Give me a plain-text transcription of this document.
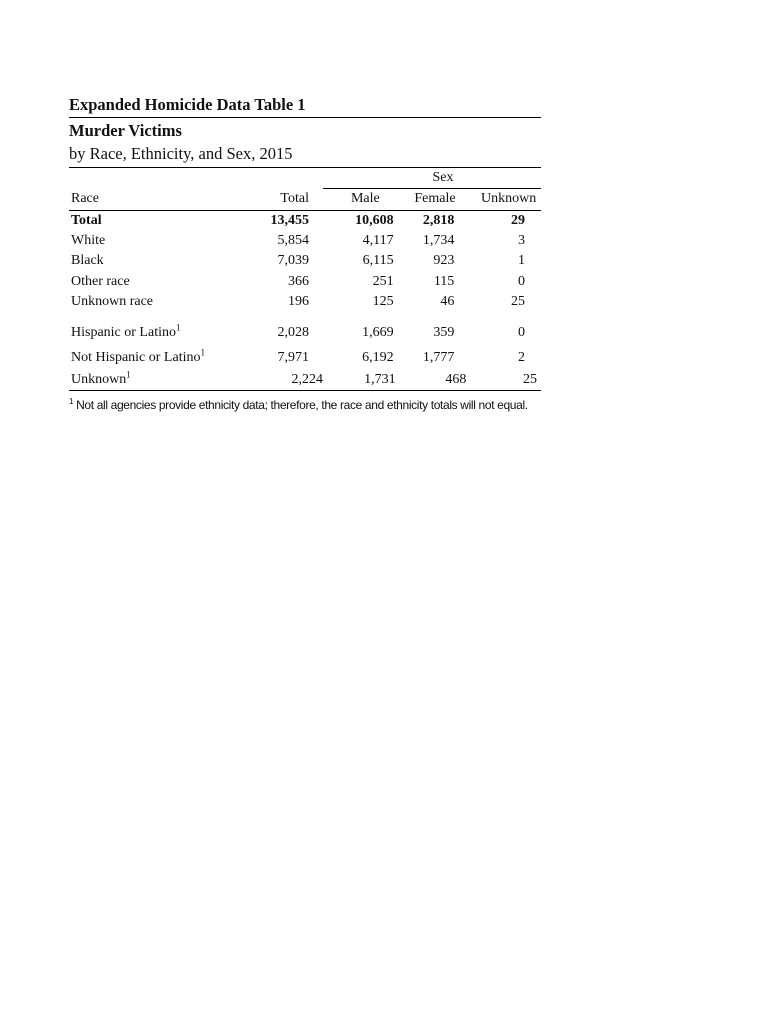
Expanded Homicide Data Table 1
Murder Victims
by Race, Ethnicity, and Sex, 2015
		Sex		
Race	Total	Male	Female	Unknown
Total	13,455	10,608	2,818	29
White	5,854	4,117	1,734	3
Black	7,039	6,115	923	1
Other race	366	251	115	0
Unknown race	196	125	46	25

Hispanic or Latino$^1$	2,028	1,669	359	0
Not Hispanic or Latino$^1$	7,971	6,192	1,777	2
Unknown$^1$	2,224	1,731	468	25
$^1$ Not all agencies provide ethnicity data; therefore, the race and ethnicity totals will not equal.
